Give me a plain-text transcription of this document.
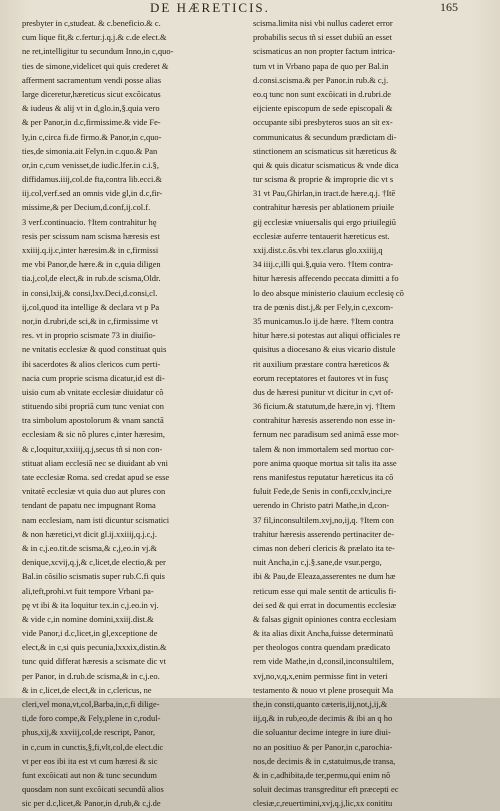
DE HÆRETICIS.	165
presbyter in c,studeat. & c.beneficio.& c.
cum lique fit,& c.fertur.j.q.j.& c.de elect.&
ne ret,intelligitur tu secundum Inno,in c,quo-
ties de simone,videlicet qui quis crederet &
afferment sacramentum vendi posse alias
large diceretur,hæreticus sicut excõicatus
& iudeus & alij vt in d,glo.in,§.quia vero
& per Panor,in d.c,firmissime.& vide Fe-
ly,in c,circa fi.de firmo.& Panor,in c,quo-
ties,de simonia.ait Felyn.in c.quo.& Pan
or,in c,cum venisset,de iudic.lfer.in c.i.§,
diffidamus.iiij,col.de fta,contra lib.ecci.&
iij.col,verf.sed an omnis vide gl,in d.c,fir-
missime,& per Decium,d.conf,ij.col.f.
3 verf.continuacio. †Item contrahitur hę
resis per scissum nam scisma hæresis est
xxiiij.q.ij.c,inter hæresim.& in c,firmissi
me vbi Panor,de hære.& in c,quia diligen
tia.j,col,de elect,& in rub.de scisma,Oldr.
in consi,lxij,& consi,lxv.Deci,d.consi,cl.
ij,col,quod ita intellige & declara vt p Pa
nor,in d.rubri,de sci,& in c,firmissime vt
res. vt in proprio scismate 73 in diuiſio-
ne vnitatis ecclesiæ & quod constituat quis
ibi sacerdotes & alios clericos cum perti-
nacia cum proprie scisma dicatur,id est di-
uisio cum ab vnitate ecclesiæ diuidatur cõ
stituendo sibi propriā cum tunc veniat con
tra simbolum apostolorum & vnam sanctā
ecclesiam & sic nõ plures c,inter hæresim,
& c,loquitur,xxiiij,q.j,secus tñ si non con-
stituat aliam ecclesiā nec se diuidant ab vni
tate ecclesiæ Roma. sed credat apud se esse
vnitatē ecclesiæ vt quia duo aut plures con
tendant de papatu nec impugnant Roma
nam ecclesiam, nam isti dicuntur scismatici
& non hæretici,vt dicit gl.ij.xxiiij,q.j.c,j.
& in c,j.eo.tit.de scisma,& c,j,eo.in vj.&
denique,xcvij,q.j,& c,licet,de electio,& per
Bal.in cõsilio scismatis super rub.C.fi quis
ali,teft,prohi.vt fuit tempore Vrbani pa-
pę vt ibi & ita loquitur tex.in c,j.eo.in vj.
& vide c,in nomine domini,xxiij.dist.&
vide Panor,i d.c,licet,in gl,exceptione de
elect,& in c,si quis pecunia,lxxxix,distin.&
tunc quid differat hæresis a scismate dic vt
per Panor, in d.rub.de scisma,& in c,j.eo.
& in c,licet,de elect,& in c,clericus, ne
cleri,vel mona,vt,col,Barba,in,c,fi dilige-
ti,de foro compe,& Fely,plene in c,rodul-
phus,xij,& xxviij,col,de rescript, Panor,
in c,cum in cunctis,§,fi,vlt,col,de elect.dic
vt per eos ibi ita est vt cum hæresi & sic
funt excõicati aut non & tunc secundum
quosdam non sunt excõicati secundū alios
sic per d.c,licet,& Panor,in d,rub,& c,j.de
scisma.limita nisi vbi nullus caderet error
probabilis secus tñ si esset dubiū an esset
scismaticus an non propter factum intrica-
tum vt in Vrbano papa de quo per Bal.in
d.consi.scisma.& per Panor.in rub.& c,j.
eo.q tunc non sunt excõicati in d.rubri.de
eijciente episcopum de sede episcopali &
occupante sibi presbyteros suos an sit ex-
communicatus & secundum prædictam di-
stinctionem an scismaticus sit hæreticus &
qui & quis dicatur scismaticus & vnde dica
tur scisma & proprie & improprie dic vt s
31 vt Pau,Ghirlan,in tract.de hære.q.j. †Itē
contrahitur hæresis per ablationem priuile
gij ecclesiæ vniuersalis qui ergo priuilegiū
ecclesiæ auferre tentauerit hæreticus est.
xxij.dist.c.ōs.vbi tex.clarus glo.xxiiij,q
34 iiij.c,illi qui.§,quia vero. †Item contra-
hitur hæresis affecendo peccata dimitti a fo
lo deo absque ministerio clauium ecclesię cō
tra de pœnis dist.j,& per Fely,in c,excom-
35 municamus.lo ij.de hære. †Item contra
hitur hære.si potestas aut aliqui officiales re
quisitus a diocesano & eius vicario distule
rit auxilium præstare contra hæreticos &
eorum receptatores et fautores vt in fusç
dus de hæresi punitur vt dicitur in c,vt of-
36 ficium.& statutum,de hære,in vj. †Item
contrahitur hæresis asserendo non esse in-
fernum nec paradisum sed animā esse mor-
talem & non immortalem sed mortuo cor-
pore anima quoque mortua sit talis ita asse
rens manifestus reputatur hæreticus ita cō
fuluit Fede,de Senis in confi,ccxlv,inci,re
uerendo in Christo patri Mathe,in d,con-
37 fil,inconsultilem.xvj,no,ij,q. †Item con
trahitur hæresis asserendo pertinaciter de-
cimas non deberi clericis & prælato ita te-
nuit Ancha,in c,j.§.sane,de vsur.pergo,
ibi & Pau,de Eleaza,asserentes ne dum hæ
reticum esse qui male sentit de articulis fi-
dei sed & qui errat in documentis ecclesiæ
& falsas gignit opiniones contra ecclesiam
& ita alias dixit Ancha,fuisse determinatū
per theologos contra quendam prædicato
rem vide Mathe,in d,consil,inconsultilem,
xvj,no,v,q,x,enim permisse fint in veteri
testamento & nouo vt plene prosequit Ma
the,in consti,quanto cæteris,iij,not,j,ij,&
iij,q,& in rub,eo,de decimis & ibi an q ho
die soluantur decime integre in iure diui-
no an positiuo & per Panor,in c,parochia-
nos,de decimis & in c,statuimus,de transa,
& in c,adhibita,de ter,permu,qui enim nō
soluit decimas transgreditur eft præcepti ec
clesiæ,c,reuertimini,xvj,q.j,lic,xx conititu
